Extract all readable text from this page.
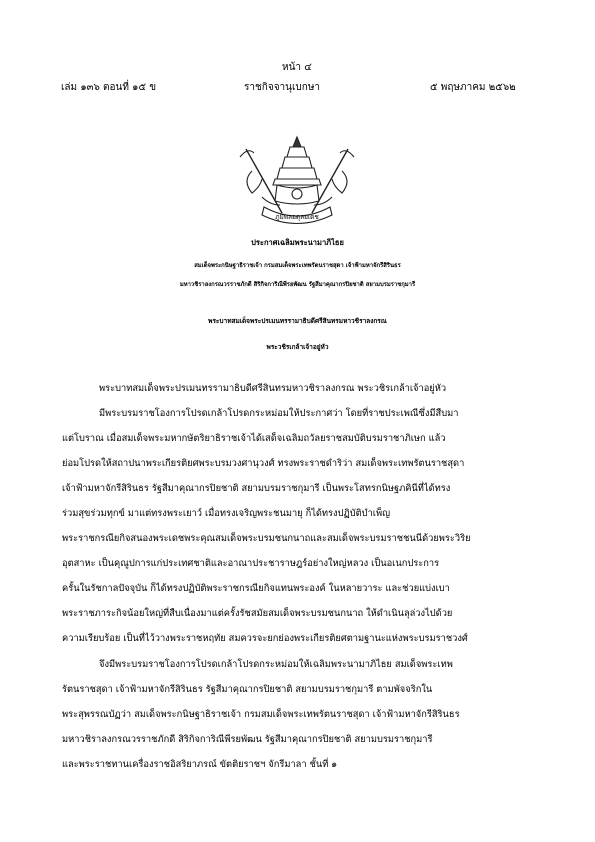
หน้า ๔
เล่ม ๑๓๖ ตอนที่ ๑๕ ข	ราชกิจจานุเบกษา	๕ พฤษภาคม ๒๕๖๒
ภูมิพลอดุลยเดช
ประกาศเฉลิมพระนามาภิไธย
สมเด็จพระกนิษฐาธิราชเจ้า กรมสมเด็จพระเทพรัตนราชสุดา เจ้าฟ้ามหาจักรีสิรินธร
มหาวชิราลงกรณวรราชภักดี สิริกิจการิณีพีรยพัฒน รัฐสีมาคุณากรปิยชาติ สยามบรมราชกุมารี
พระบาทสมเด็จพระปรเมนทรรามาธิบดีศรีสินทรมหาวชิราลงกรณ
พระวชิรเกล้าเจ้าอยู่หัว
พระบาทสมเด็จพระปรเมนทรรามาธิบดีศรีสินทรมหาวชิราลงกรณ พระวชิรเกล้าเจ้าอยู่หัว
มีพระบรมราชโองการโปรดเกล้าโปรดกระหม่อมให้ประกาศว่า โดยที่ราชประเพณีซึ่งมีสืบมา
แต่โบราณ เมื่อสมเด็จพระมหากษัตริยาธิราชเจ้าได้เสด็จเฉลิมถวัลยราชสมบัติบรมราชาภิเษก แล้ว
ย่อมโปรดให้สถาปนาพระเกียรติยศพระบรมวงศานุวงศ์ ทรงพระราชดำริว่า สมเด็จพระเทพรัตนราชสุดา
เจ้าฟ้ามหาจักรีสิรินธร รัฐสีมาคุณากรปิยชาติ สยามบรมราชกุมารี เป็นพระโสทรกนิษฐภคินีที่ได้ทรง
ร่วมสุขร่วมทุกข์ มาแต่ทรงพระเยาว์ เมื่อทรงเจริญพระชนมายุ ก็ได้ทรงปฏิบัติบำเพ็ญ
พระราชกรณียกิจสนองพระเดชพระคุณสมเด็จพระบรมชนกนาถและสมเด็จพระบรมราชชนนีด้วยพระวิริย
อุตสาหะ เป็นคุณูปการแก่ประเทศชาติและอาณาประชาราษฎร์อย่างใหญ่หลวง เป็นอเนกประการ
ครั้นในรัชกาลปัจจุบัน ก็ได้ทรงปฏิบัติพระราชกรณียกิจแทนพระองค์ ในหลายวาระ และช่วยแบ่งเบา
พระราชภาระกิจน้อยใหญ่ที่สืบเนื่องมาแต่ครั้งรัชสมัยสมเด็จพระบรมชนกนาถ ให้ดำเนินลุล่วงไปด้วย
ความเรียบร้อย เป็นที่ไว้วางพระราชหฤทัย สมควรจะยกย่องพระเกียรติยศตามฐานะแห่งพระบรมราชวงศ์
จึงมีพระบรมราชโองการโปรดเกล้าโปรดกระหม่อมให้เฉลิมพระนามาภิไธย สมเด็จพระเทพ
รัตนราชสุดา เจ้าฟ้ามหาจักรีสิรินธร รัฐสีมาคุณากรปิยชาติ สยามบรมราชกุมารี ตามพัจจริกใน
พระสุพรรณบัฏว่า สมเด็จพระกนิษฐาธิราชเจ้า กรมสมเด็จพระเทพรัตนราชสุดา เจ้าฟ้ามหาจักรีสิรินธร
มหาวชิราลงกรณวรราชภักดี สิริกิจการิณีพีรยพัฒน รัฐสีมาคุณากรปิยชาติ สยามบรมราชกุมารี
และพระราชทานเครื่องราชอิสริยาภรณ์ ขัตติยราชฯ จักรีมาลา ชั้นที่ ๑
